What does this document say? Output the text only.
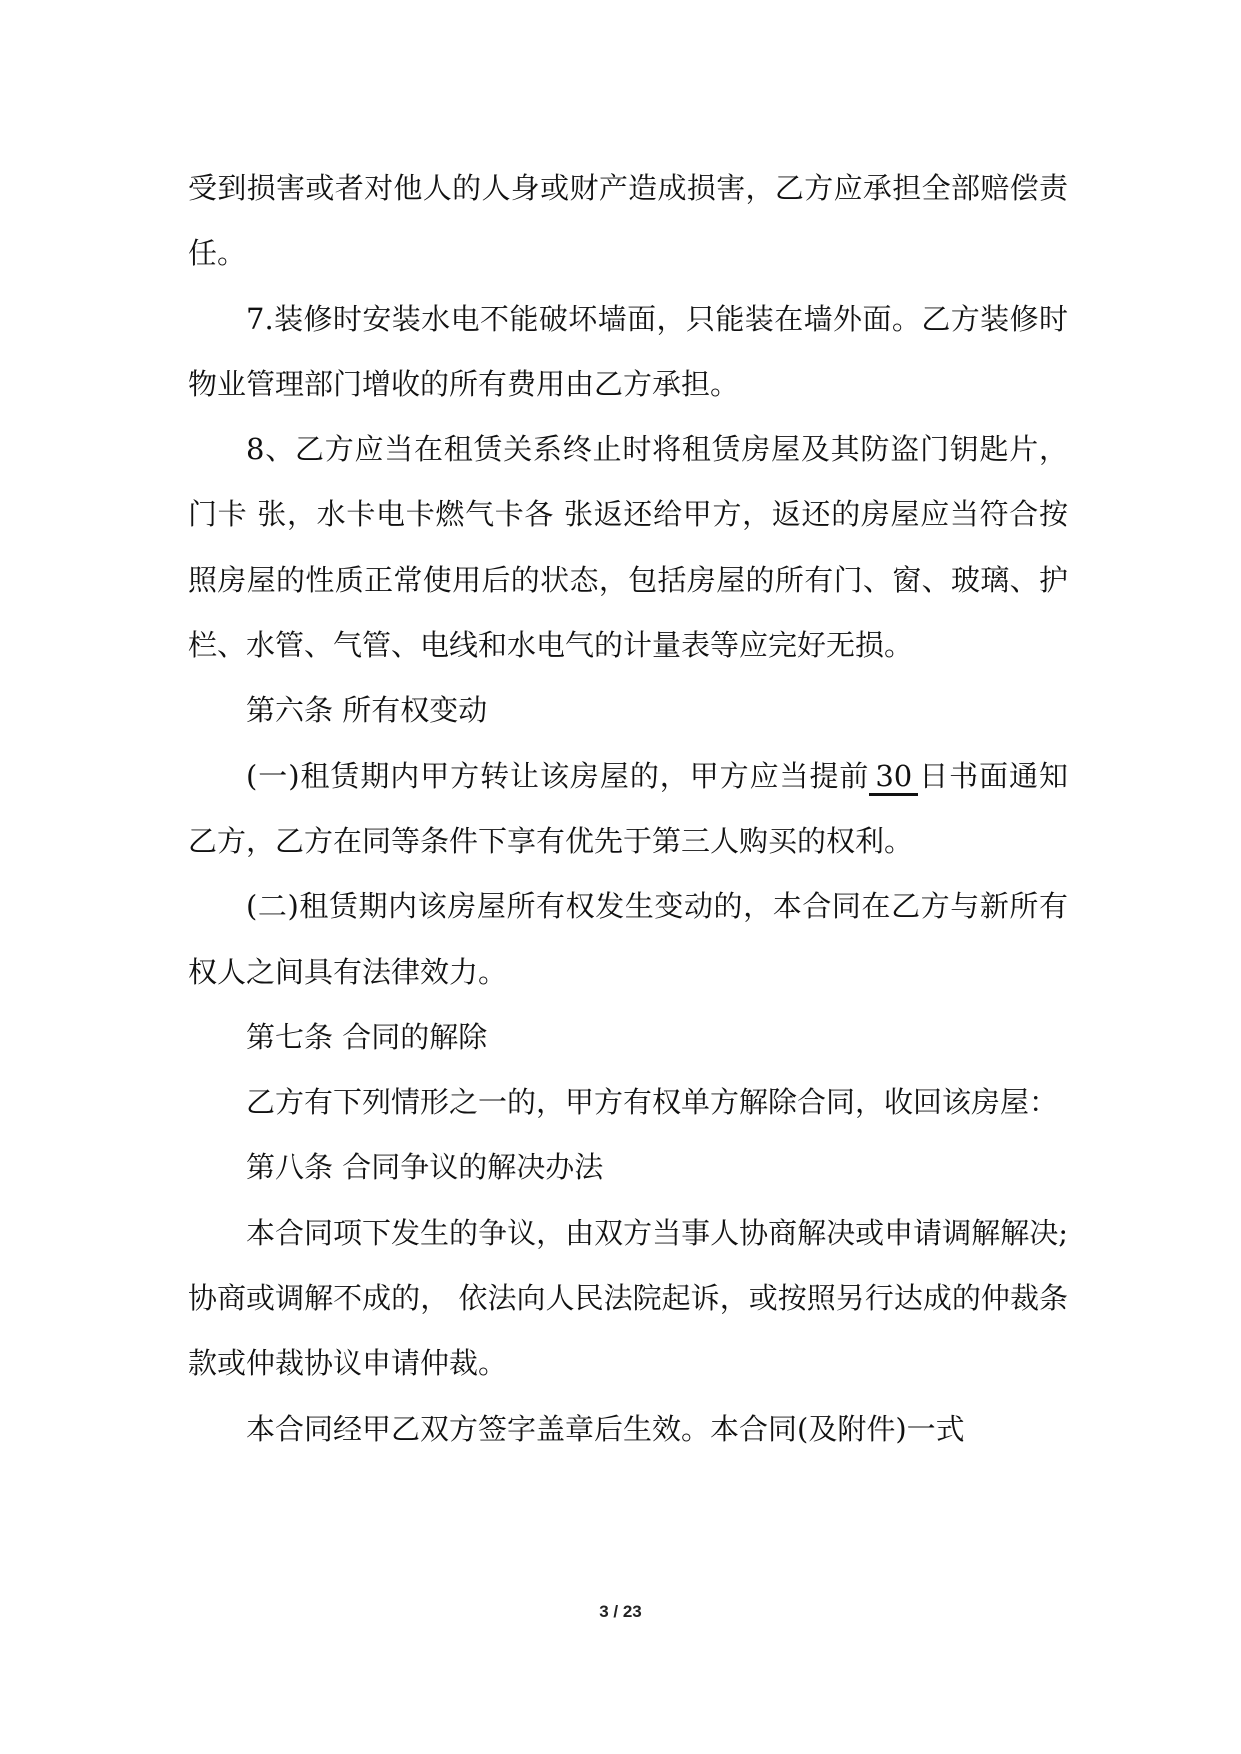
受到损害或者对他人的人身或财产造成损害，乙方应承担全部赔偿责任。

7.装修时安装水电不能破坏墙面，只能装在墙外面。乙方装修时物业管理部门增收的所有费用由乙方承担。

8、乙方应当在租赁关系终止时将租赁房屋及其防盗门钥匙片，门卡 张，水卡电卡燃气卡各 张返还给甲方，返还的房屋应当符合按照房屋的性质正常使用后的状态，包括房屋的所有门、窗、玻璃、护栏、水管、气管、电线和水电气的计量表等应完好无损。

第六条 所有权变动

(一)租赁期内甲方转让该房屋的，甲方应当提前 30 日书面通知乙方，乙方在同等条件下享有优先于第三人购买的权利。

(二)租赁期内该房屋所有权发生变动的，本合同在乙方与新所有权人之间具有法律效力。

第七条 合同的解除

乙方有下列情形之一的，甲方有权单方解除合同，收回该房屋：

第八条 合同争议的解决办法

本合同项下发生的争议，由双方当事人协商解决或申请调解解决;协商或调解不成的， 依法向人民法院起诉，或按照另行达成的仲裁条款或仲裁协议申请仲裁。

本合同经甲乙双方签字盖章后生效。本合同(及附件)一式

3 / 23
